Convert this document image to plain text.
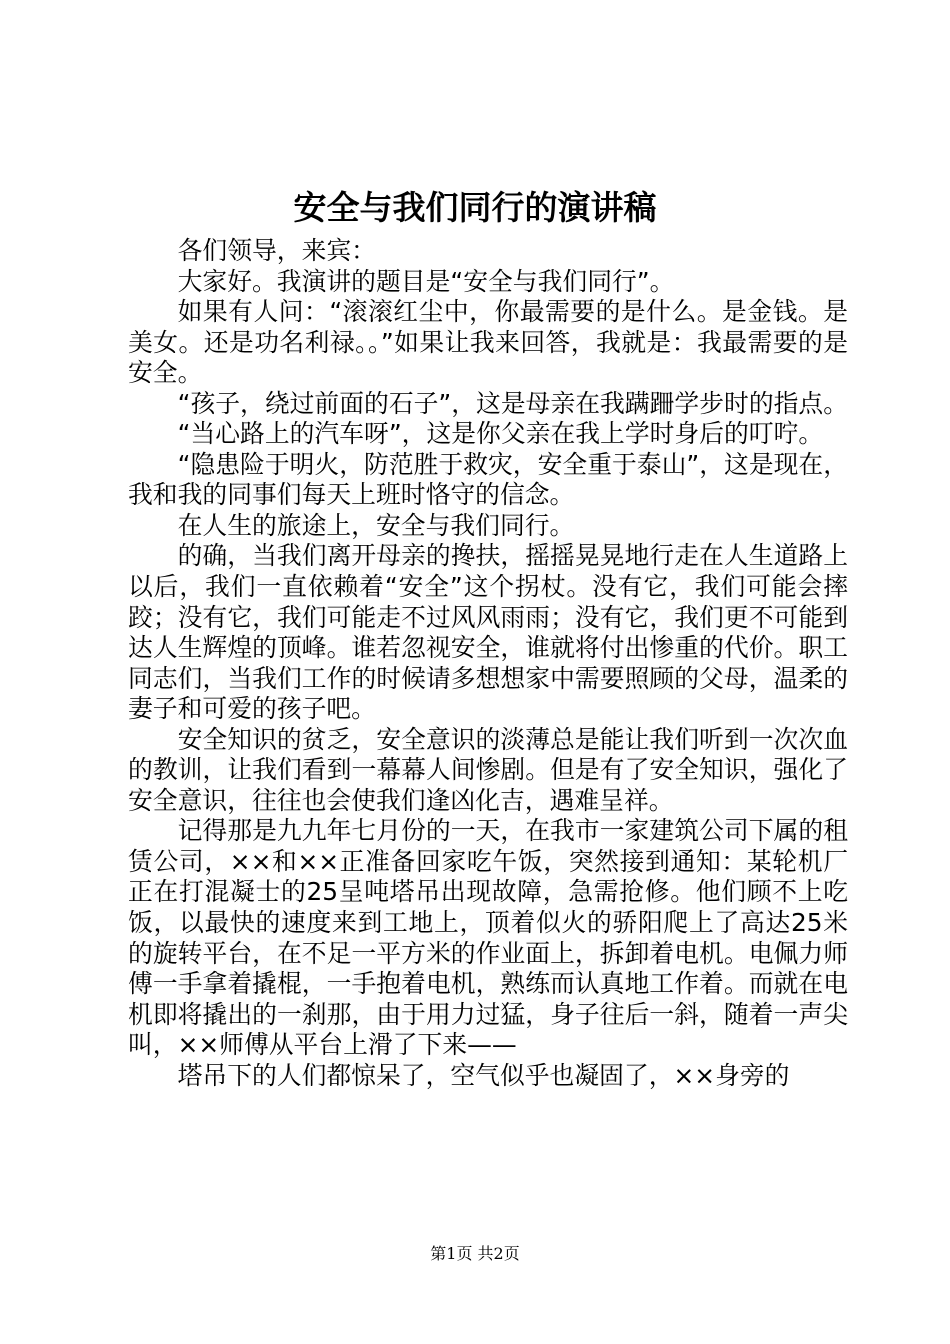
安全与我们同行的演讲稿

各们领导，来宾：

大家好。我演讲的题目是“安全与我们同行”。

如果有人问：“滚滚红尘中，你最需要的是什么。是金钱。是美女。还是功名利禄。。”如果让我来回答，我就是：我最需要的是安全。

“孩子，绕过前面的石子”，这是母亲在我蹒跚学步时的指点。

“当心路上的汽车呀”，这是你父亲在我上学时身后的叮咛。

“隐患险于明火，防范胜于救灾，安全重于泰山”，这是现在，我和我的同事们每天上班时恪守的信念。

在人生的旅途上，安全与我们同行。

的确，当我们离开母亲的搀扶，摇摇晃晃地行走在人生道路上以后，我们一直依赖着“安全”这个拐杖。没有它，我们可能会摔跤；没有它，我们可能走不过风风雨雨；没有它，我们更不可能到达人生辉煌的顶峰。谁若忽视安全，谁就将付出惨重的代价。职工同志们，当我们工作的时候请多想想家中需要照顾的父母，温柔的妻子和可爱的孩子吧。

安全知识的贫乏，安全意识的淡薄总是能让我们听到一次次血的教训，让我们看到一幕幕人间惨剧。但是有了安全知识，强化了安全意识，往往也会使我们逢凶化吉，遇难呈祥。

记得那是九九年七月份的一天，在我市一家建筑公司下属的租赁公司，××和××正准备回家吃午饭，突然接到通知：某轮机厂正在打混凝士的25呈吨塔吊出现故障，急需抢修。他们顾不上吃饭，以最快的速度来到工地上，顶着似火的骄阳爬上了高达25米的旋转平台，在不足一平方米的作业面上，拆卸着电机。电佩力师傅一手拿着撬棍，一手抱着电机，熟练而认真地工作着。而就在电机即将撬出的一刹那，由于用力过猛，身子往后一斜，随着一声尖叫，××师傅从平台上滑了下来——

塔吊下的人们都惊呆了，空气似乎也凝固了，××身旁的

第1页 共2页
